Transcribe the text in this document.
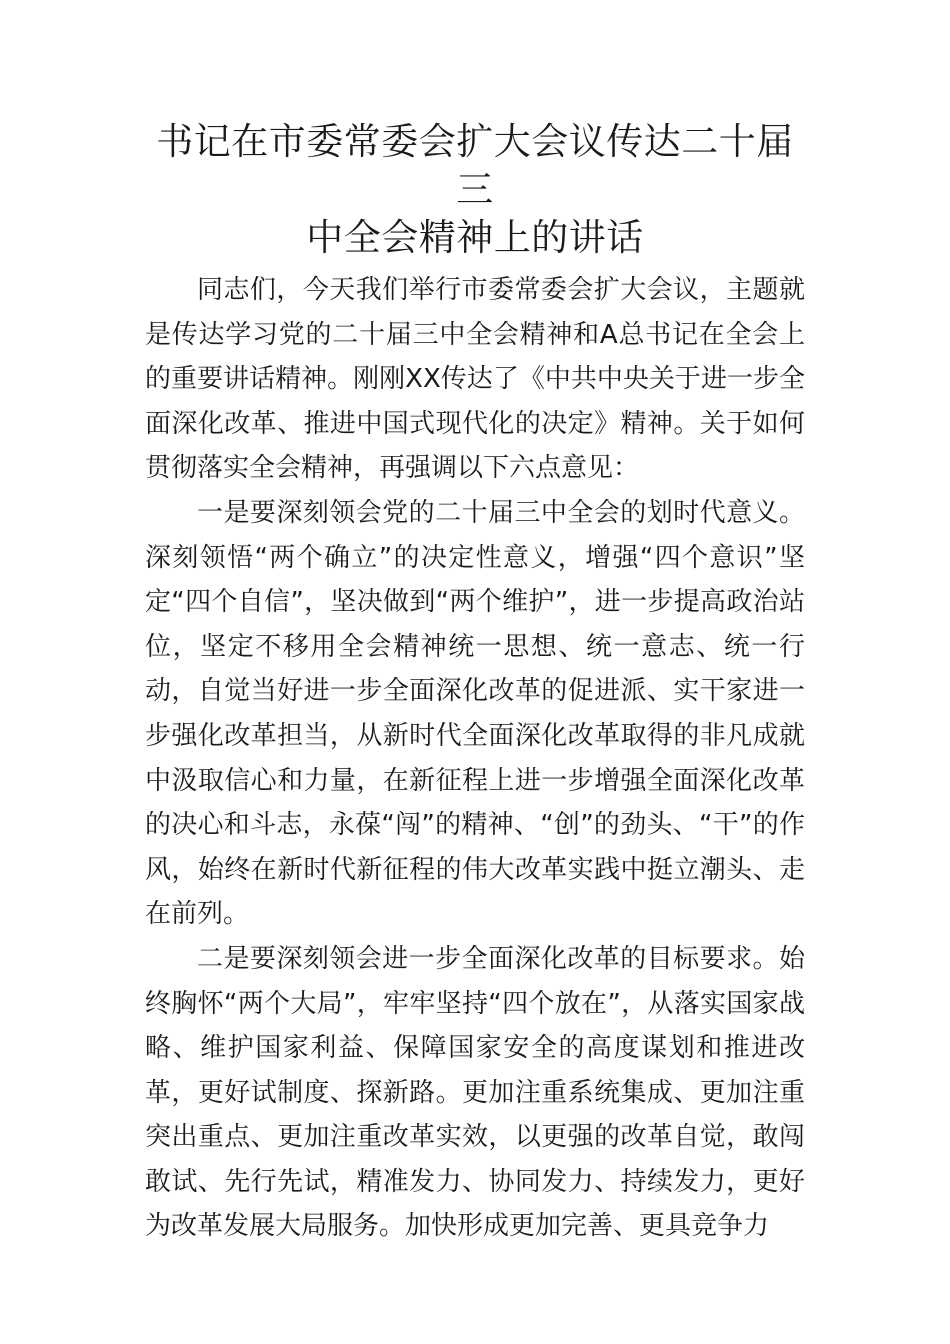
书记在市委常委会扩大会议传达二十届三
中全会精神上的讲话

同志们，今天我们举行市委常委会扩大会议，主题就是传达学习党的二十届三中全会精神和A总书记在全会上的重要讲话精神。刚刚XX传达了《中共中央关于进一步全面深化改革、推进中国式现代化的决定》精神。关于如何贯彻落实全会精神，再强调以下六点意见：

一是要深刻领会党的二十届三中全会的划时代意义。深刻领悟“两个确立”的决定性意义，增强“四个意识”坚定“四个自信”，坚决做到“两个维护”，进一步提高政治站位，坚定不移用全会精神统一思想、统一意志、统一行动，自觉当好进一步全面深化改革的促进派、实干家进一步强化改革担当，从新时代全面深化改革取得的非凡成就中汲取信心和力量，在新征程上进一步增强全面深化改革的决心和斗志，永葆“闯”的精神、“创”的劲头、“干”的作风，始终在新时代新征程的伟大改革实践中挺立潮头、走在前列。

二是要深刻领会进一步全面深化改革的目标要求。始终胸怀“两个大局”，牢牢坚持“四个放在”，从落实国家战略、维护国家利益、保障国家安全的高度谋划和推进改革，更好试制度、探新路。更加注重系统集成、更加注重突出重点、更加注重改革实效，以更强的改革自觉，敢闯敢试、先行先试，精准发力、协同发力、持续发力，更好为改革发展大局服务。加快形成更加完善、更具竞争力
